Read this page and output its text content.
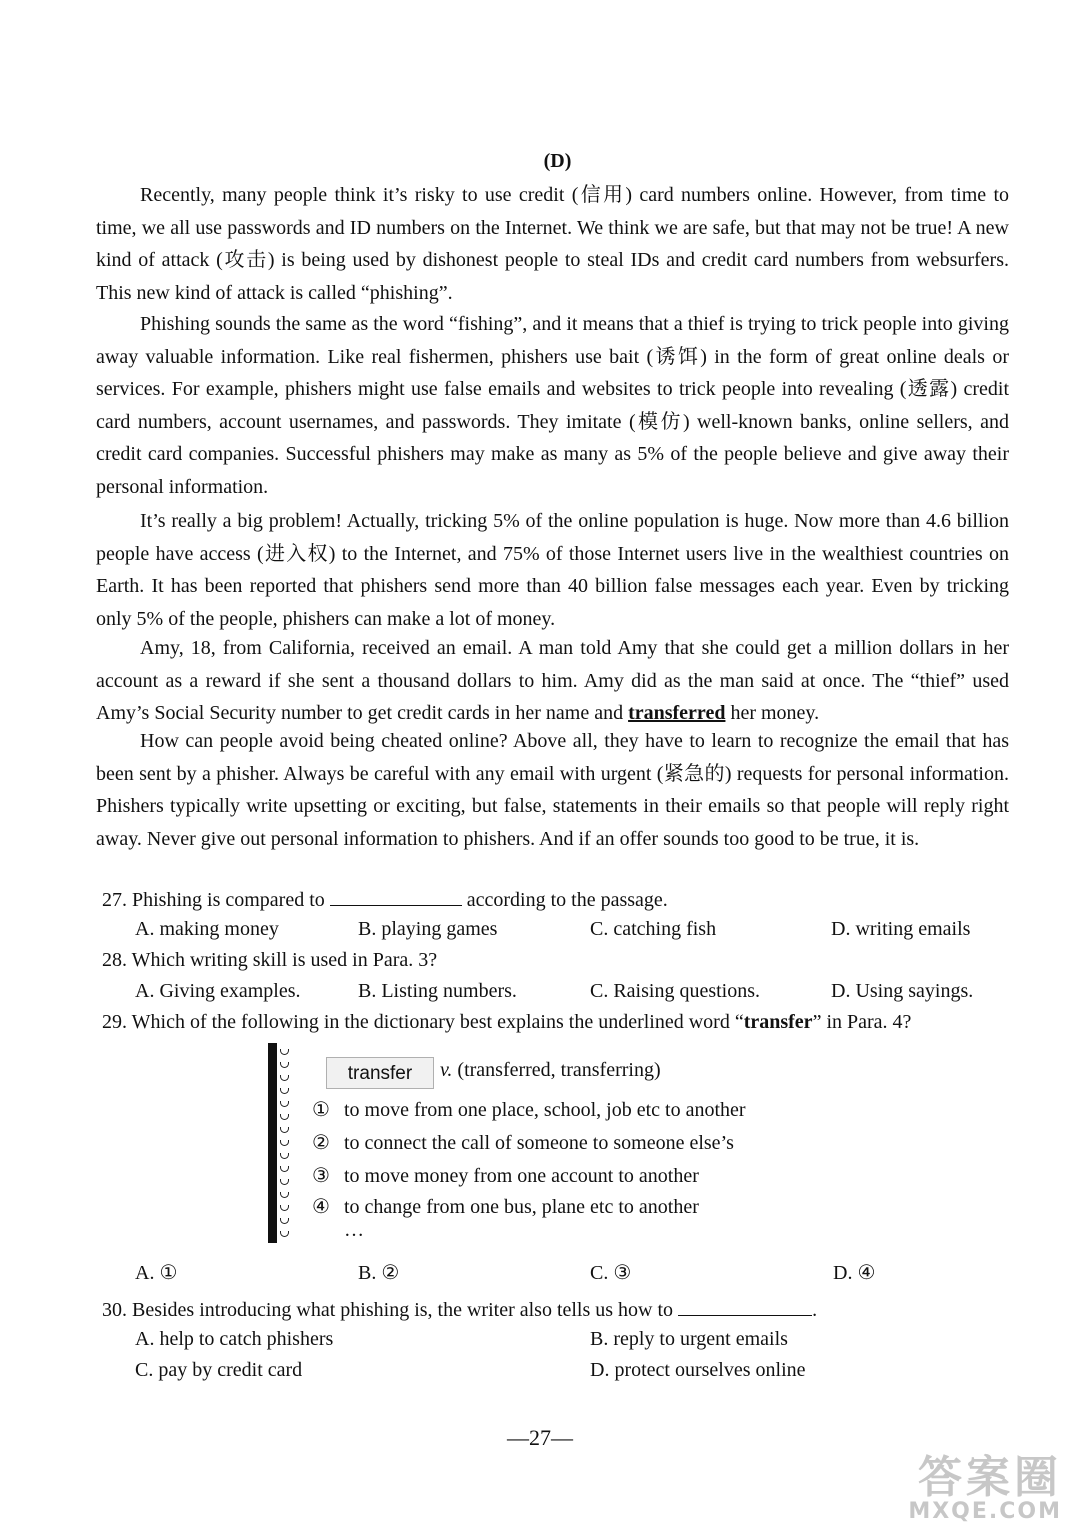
(D)

Recently, many people think it’s risky to use credit (信用) card numbers online. However, from time to time, we all use passwords and ID numbers on the Internet. We think we are safe, but that may not be true! A new kind of attack (攻击) is being used by dishonest people to steal IDs and credit card numbers from websurfers. This new kind of attack is called “phishing”.

Phishing sounds the same as the word “fishing”, and it means that a thief is trying to trick people into giving away valuable information. Like real fishermen, phishers use bait (诱饵) in the form of great online deals or services. For example, phishers might use false emails and websites to trick people into revealing (透露) credit card numbers, account usernames, and passwords. They imitate (模仿) well-known banks, online sellers, and credit card companies. Successful phishers may make as many as 5% of the people believe and give away their personal information.

It’s really a big problem! Actually, tricking 5% of the online population is huge. Now more than 4.6 billion people have access (进入权) to the Internet, and 75% of those Internet users live in the wealthiest countries on Earth. It has been reported that phishers send more than 40 billion false messages each year. Even by tricking only 5% of the people, phishers can make a lot of money.

Amy, 18, from California, received an email. A man told Amy that she could get a million dollars in her account as a reward if she sent a thousand dollars to him. Amy did as the man said at once. The “thief” used Amy’s Social Security number to get credit cards in her name and transferred her money.

How can people avoid being cheated online? Above all, they have to learn to recognize the email that has been sent by a phisher. Always be careful with any email with urgent (紧急的) requests for personal information. Phishers typically write upsetting or exciting, but false, statements in their emails so that people will reply right away. Never give out personal information to phishers. And if an offer sounds too good to be true, it is.

27. Phishing is compared to	according to the passage.
A. making money	B. playing games	C. catching fish	D. writing emails
28. Which writing skill is used in Para. 3?
A. Giving examples.	B. Listing numbers.	C. Raising questions.	D. Using sayings.
29. Which of the following in the dictionary best explains the underlined word “transfer” in Para. 4?
transfer	v. (transferred, transferring)
① to move from one place, school, job etc to another
② to connect the call of someone to someone else’s
③ to move money from one account to another
④ to change from one bus, plane etc to another
…
A. ①	B. ②	C. ③	D. ④
30. Besides introducing what phishing is, the writer also tells us how to	.
A. help to catch phishers	B. reply to urgent emails
C. pay by credit card	D. protect ourselves online
—27—
答案圈
MXQE.COM
